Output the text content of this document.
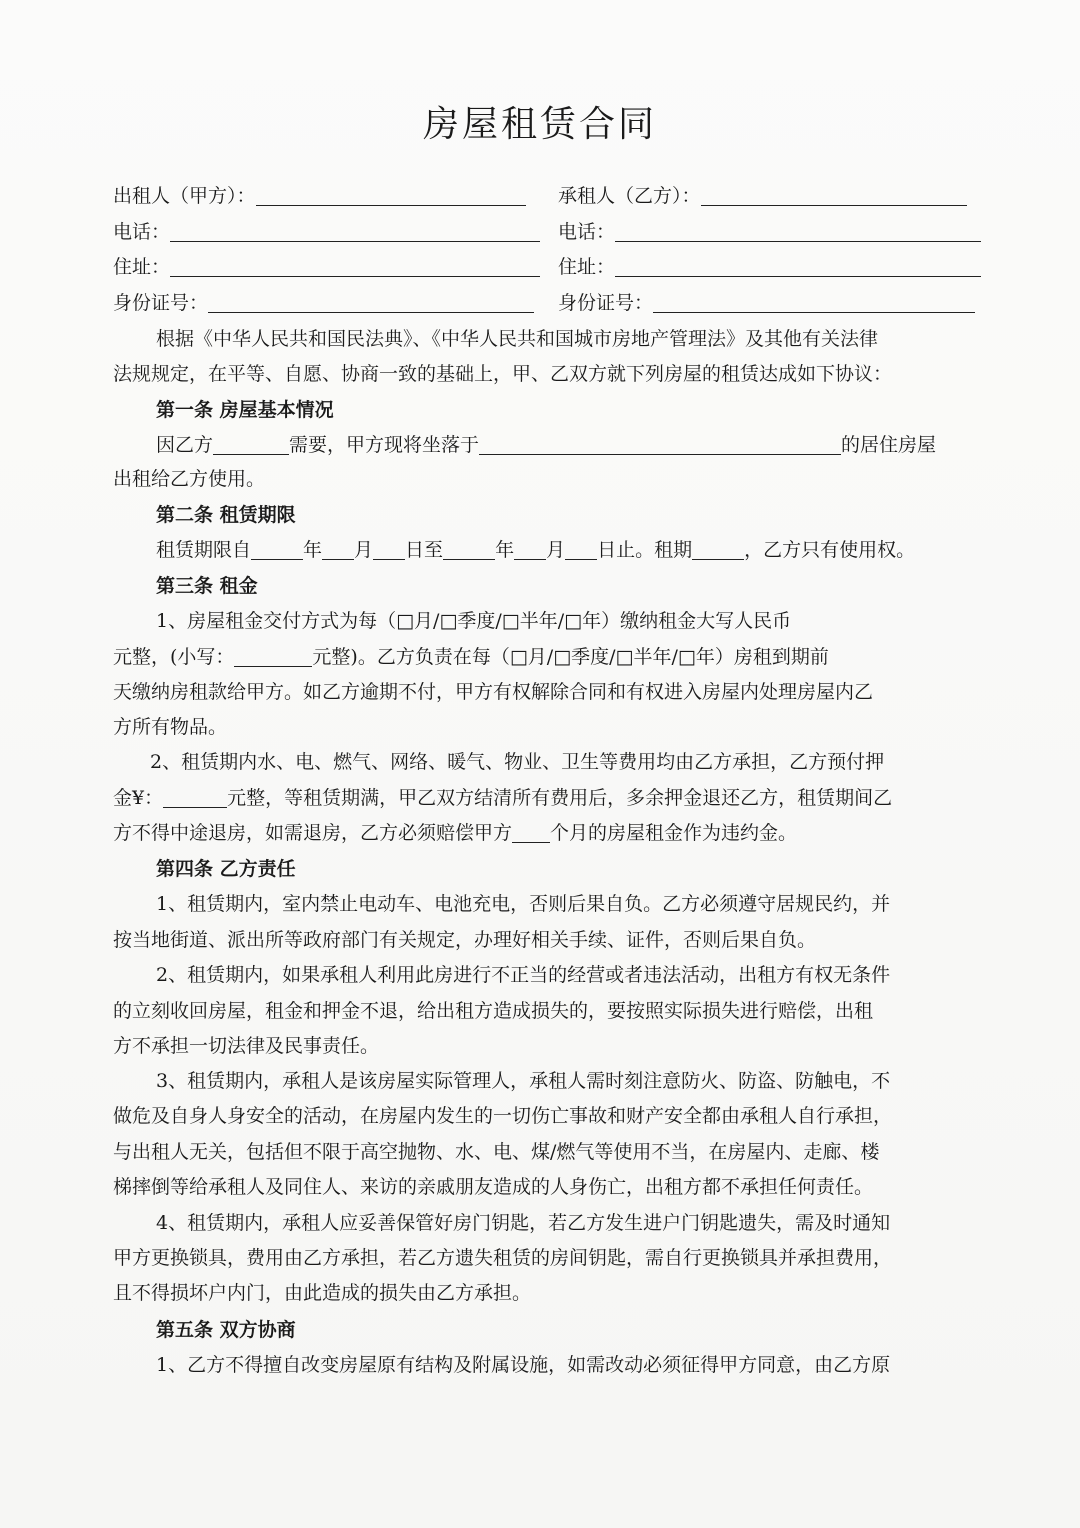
房屋租赁合同
出租人（甲方）：	承租人（乙方）：
电话：	电话：
住址：	住址：
身份证号：	身份证号：
根据《中华人民共和国民法典》、《中华人民共和国城市房地产管理法》及其他有关法律
法规规定，在平等、自愿、协商一致的基础上，甲、乙双方就下列房屋的租赁达成如下协议：
第一条 房屋基本情况
因乙方	需要，甲方现将坐落于	的居住房屋
出租给乙方使用。
第二条 租赁期限
租赁期限自	年 月 日至	年 月 日止。租期	，乙方只有使用权。
第三条 租金
1、房屋租金交付方式为每（□月/□季度/□半年/□年）缴纳租金大写人民币
元整，(小写：	元整)。乙方负责在每（□月/□季度/□半年/□年）房租到期前
天缴纳房租款给甲方。如乙方逾期不付，甲方有权解除合同和有权进入房屋内处理房屋内乙
方所有物品。
2、租赁期内水、电、燃气、网络、暖气、物业、卫生等费用均由乙方承担，乙方预付押
金¥：	元整，等租赁期满，甲乙双方结清所有费用后，多余押金退还乙方，租赁期间乙
方不得中途退房，如需退房，乙方必须赔偿甲方 个月的房屋租金作为违约金。
第四条 乙方责任
1、租赁期内，室内禁止电动车、电池充电，否则后果自负。乙方必须遵守居规民约，并
按当地街道、派出所等政府部门有关规定，办理好相关手续、证件，否则后果自负。
2、租赁期内，如果承租人利用此房进行不正当的经营或者违法活动，出租方有权无条件
的立刻收回房屋，租金和押金不退，给出租方造成损失的，要按照实际损失进行赔偿，出租
方不承担一切法律及民事责任。
3、租赁期内，承租人是该房屋实际管理人，承租人需时刻注意防火、防盗、防触电，不
做危及自身人身安全的活动，在房屋内发生的一切伤亡事故和财产安全都由承租人自行承担，
与出租人无关，包括但不限于高空抛物、水、电、煤/燃气等使用不当，在房屋内、走廊、楼
梯摔倒等给承租人及同住人、来访的亲戚朋友造成的人身伤亡，出租方都不承担任何责任。
4、租赁期内，承租人应妥善保管好房门钥匙，若乙方发生进户门钥匙遗失，需及时通知
甲方更换锁具，费用由乙方承担，若乙方遗失租赁的房间钥匙，需自行更换锁具并承担费用，
且不得损坏户内门，由此造成的损失由乙方承担。
第五条 双方协商
1、乙方不得擅自改变房屋原有结构及附属设施，如需改动必须征得甲方同意，由乙方原
